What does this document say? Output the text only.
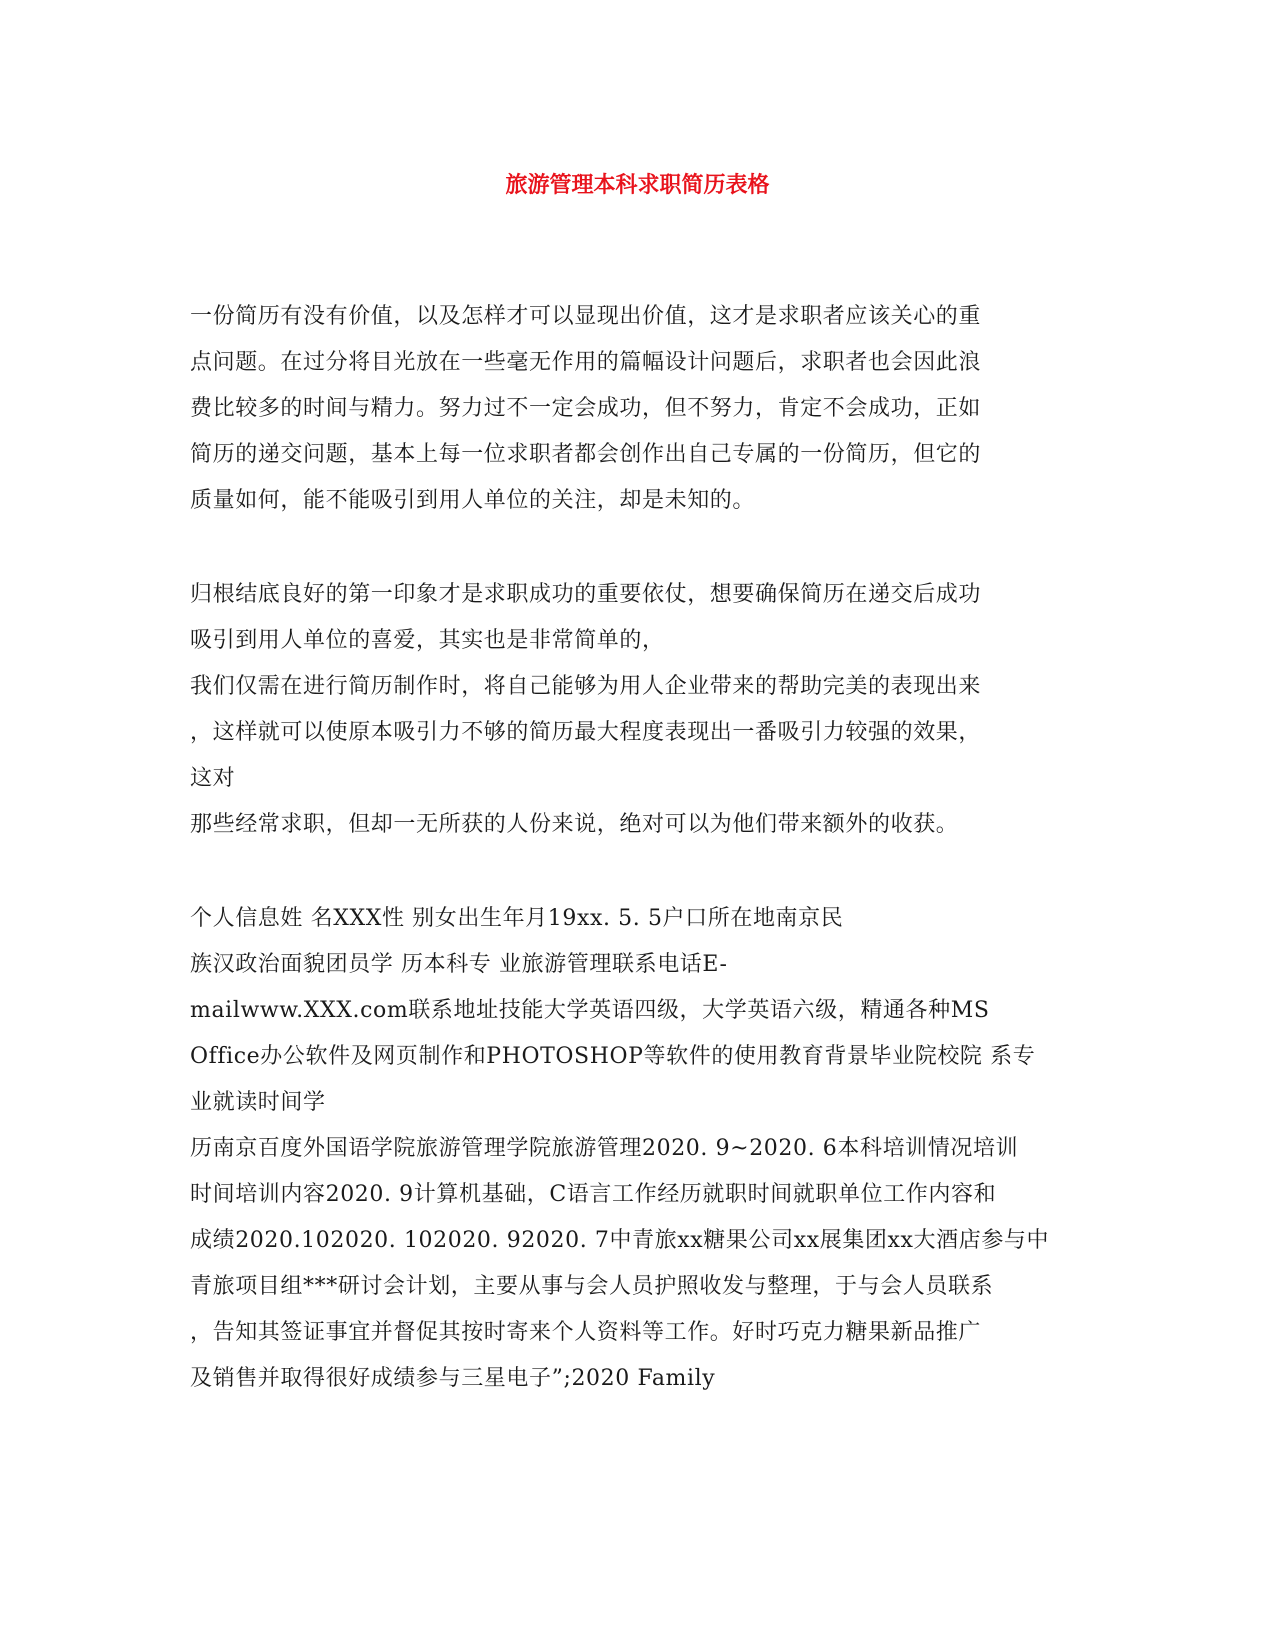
旅游管理本科求职简历表格
一份简历有没有价值，以及怎样才可以显现出价值，这才是求职者应该关心的重
点问题。在过分将目光放在一些毫无作用的篇幅设计问题后，求职者也会因此浪
费比较多的时间与精力。努力过不一定会成功，但不努力，肯定不会成功，正如
简历的递交问题，基本上每一位求职者都会创作出自己专属的一份简历，但它的
质量如何，能不能吸引到用人单位的关注，却是未知的。
归根结底良好的第一印象才是求职成功的重要依仗，想要确保简历在递交后成功
吸引到用人单位的喜爱，其实也是非常简单的，
我们仅需在进行简历制作时，将自己能够为用人企业带来的帮助完美的表现出来
，这样就可以使原本吸引力不够的简历最大程度表现出一番吸引力较强的效果，
这对
那些经常求职，但却一无所获的人份来说，绝对可以为他们带来额外的收获。
个人信息姓 名XXX性 别女出生年月19xx. 5. 5户口所在地南京民
族汉政治面貌团员学 历本科专 业旅游管理联系电话E-
mailwww.XXX.com联系地址技能大学英语四级，大学英语六级，精通各种MS
Office办公软件及网页制作和PHOTOSHOP等软件的使用教育背景毕业院校院 系专
业就读时间学
历南京百度外国语学院旅游管理学院旅游管理2020. 9~2020. 6本科培训情况培训
时间培训内容2020. 9计算机基础，C语言工作经历就职时间就职单位工作内容和
成绩2020.102020. 102020. 92020. 7中青旅xx糖果公司xx展集团xx大酒店参与中
青旅项目组***研讨会计划，主要从事与会人员护照收发与整理，于与会人员联系
，告知其签证事宜并督促其按时寄来个人资料等工作。好时巧克力糖果新品推广
及销售并取得很好成绩参与三星电子”;2020 Family
